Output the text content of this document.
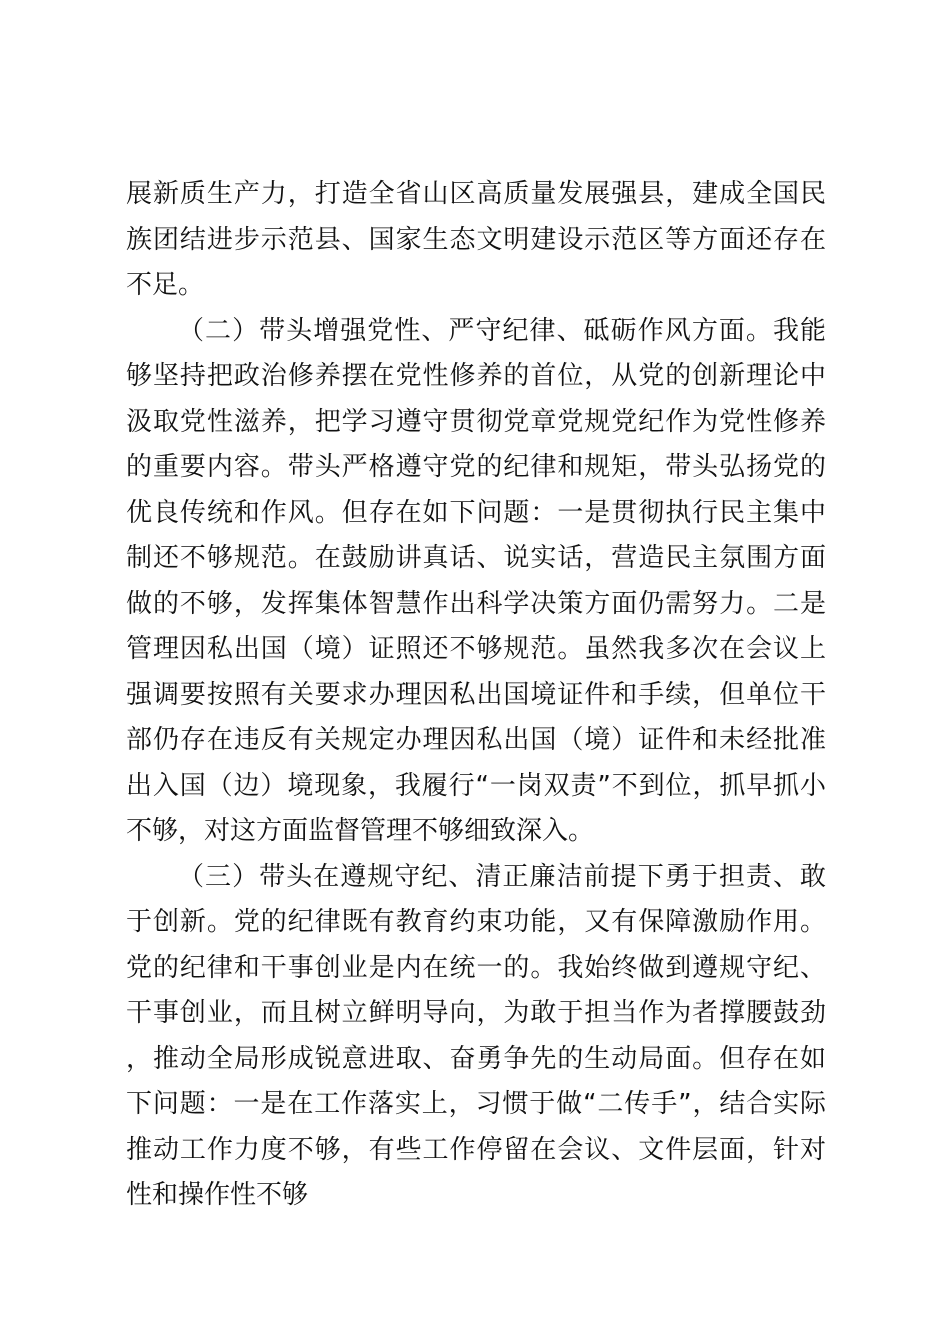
展新质生产力，打造全省山区高质量发展强县，建成全国民族团结进步示范县、国家生态文明建设示范区等方面还存在不足。

（二）带头增强党性、严守纪律、砥砺作风方面。我能够坚持把政治修养摆在党性修养的首位，从党的创新理论中汲取党性滋养，把学习遵守贯彻党章党规党纪作为党性修养的重要内容。带头严格遵守党的纪律和规矩，带头弘扬党的优良传统和作风。但存在如下问题：一是贯彻执行民主集中制还不够规范。在鼓励讲真话、说实话，营造民主氛围方面做的不够，发挥集体智慧作出科学决策方面仍需努力。二是管理因私出国（境）证照还不够规范。虽然我多次在会议上强调要按照有关要求办理因私出国境证件和手续，但单位干部仍存在违反有关规定办理因私出国（境）证件和未经批准出入国（边）境现象，我履行“一岗双责”不到位，抓早抓小不够，对这方面监督管理不够细致深入。

（三）带头在遵规守纪、清正廉洁前提下勇于担责、敢于创新。党的纪律既有教育约束功能，又有保障激励作用。党的纪律和干事创业是内在统一的。我始终做到遵规守纪、干事创业，而且树立鲜明导向，为敢于担当作为者撑腰鼓劲，推动全局形成锐意进取、奋勇争先的生动局面。但存在如下问题：一是在工作落实上，习惯于做“二传手”，结合实际推动工作力度不够，有些工作停留在会议、文件层面，针对性和操作性不够
